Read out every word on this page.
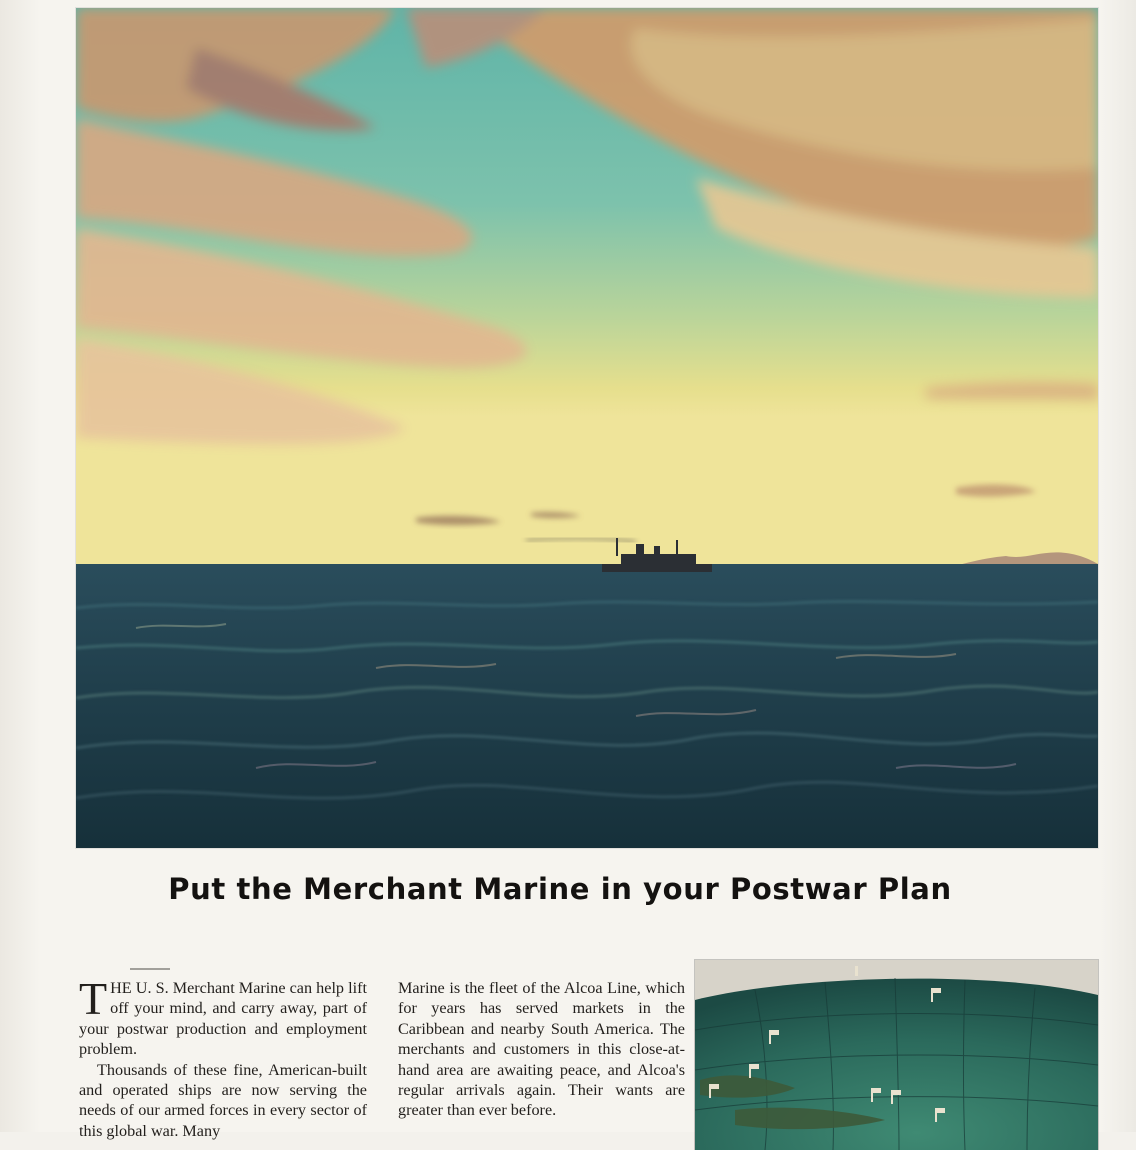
Put the Merchant Marine in your Postwar Plan

THE U. S. Merchant Marine can help lift off your mind, and carry away, part of your postwar production and employment problem.

Thousands of these fine, American-built and operated ships are now serving the needs of our armed forces in every sector of this global war. Many

Marine is the fleet of the Alcoa Line, which for years has served markets in the Caribbean and nearby South America. The merchants and customers in this close-at-hand area are awaiting peace, and Alcoa's regular arrivals again. Their wants are greater than ever before.
